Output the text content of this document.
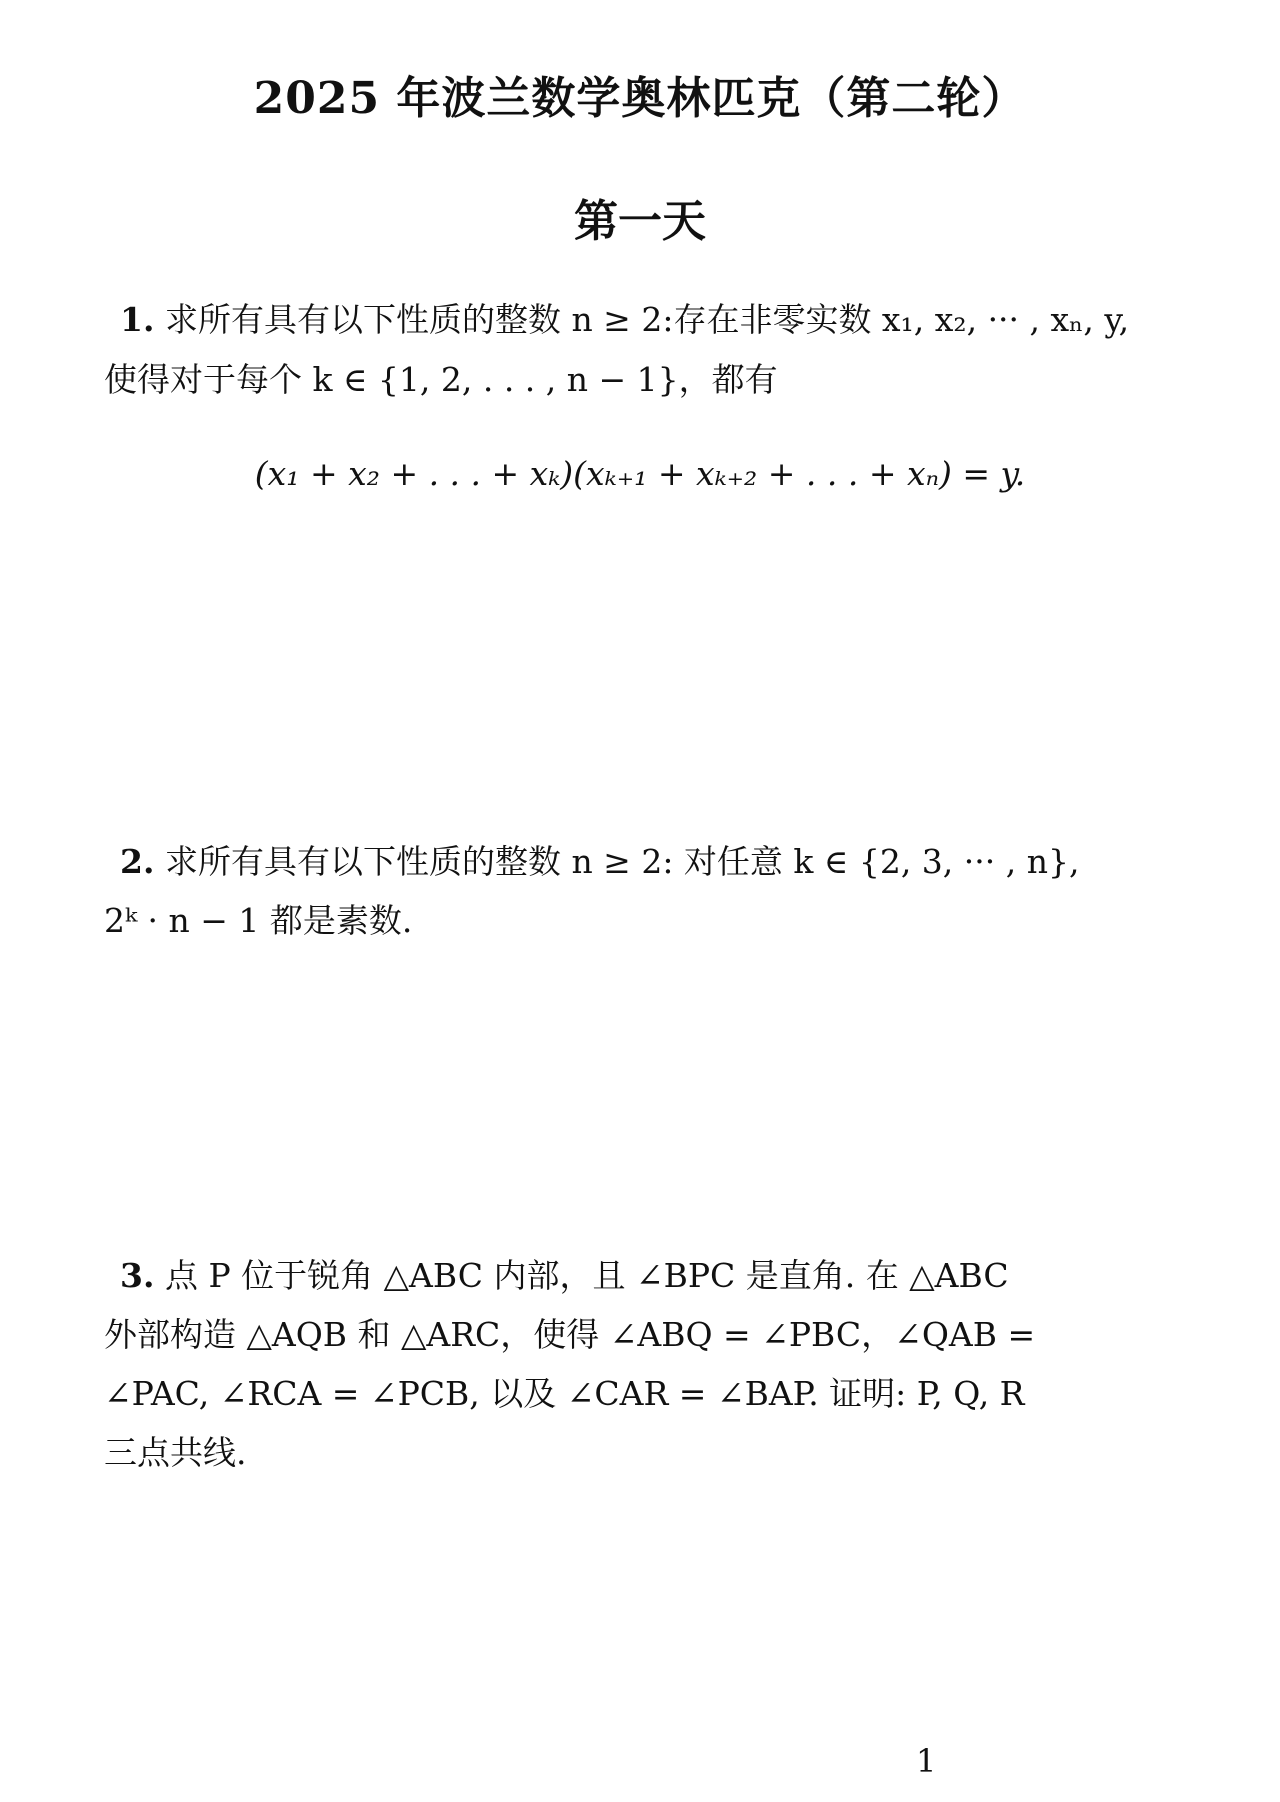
2025 年波兰数学奥林匹克（第二轮）
第一天
1. 求所有具有以下性质的整数 n ≥ 2:存在非零实数 x₁, x₂, ··· , xₙ, y,
使得对于每个 k ∈ {1, 2, . . . , n − 1}，都有
(x₁ + x₂ + . . . + xₖ)(xₖ₊₁ + xₖ₊₂ + . . . + xₙ) = y.
2. 求所有具有以下性质的整数 n ≥ 2: 对任意 k ∈ {2, 3, ··· , n},
2ᵏ · n − 1 都是素数.
3. 点 P 位于锐角 △ABC 内部，且 ∠BPC 是直角. 在 △ABC
外部构造 △AQB 和 △ARC，使得 ∠ABQ = ∠PBC，∠QAB =
∠PAC, ∠RCA = ∠PCB, 以及 ∠CAR = ∠BAP. 证明: P, Q, R
三点共线.
1
